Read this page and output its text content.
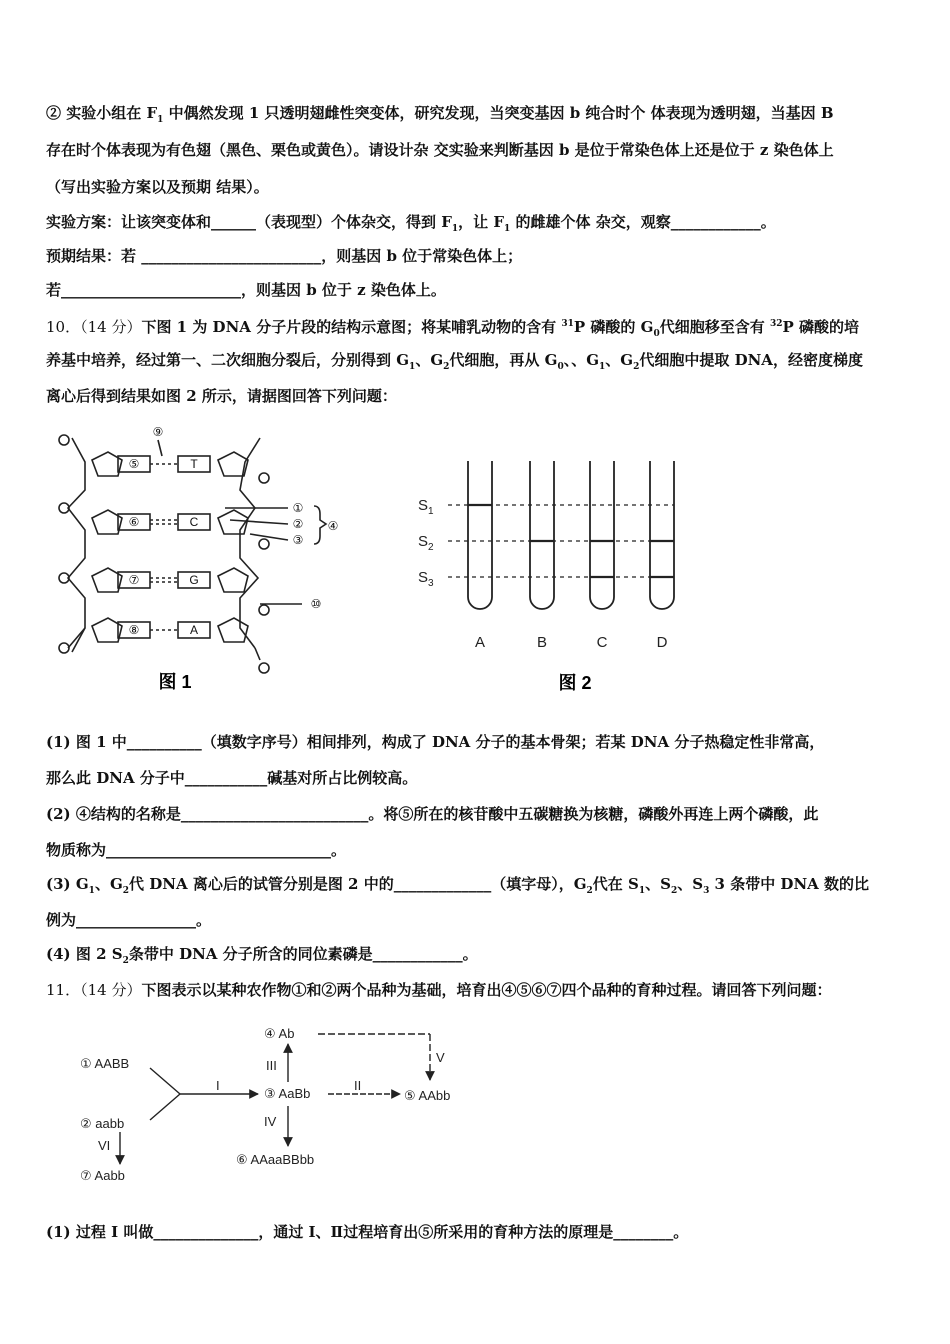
② 实验小组在 $F_1$ 中偶然发现 1 只透明翅雌性突变体，研究发现，当突变基因 b 纯合时个 体表现为透明翅，当基因 B
存在时个体表现为有色翅（黑色、栗色或黄色）。请设计杂 交实验来判断基因 b 是位于常染色体上还是位于 z 染色体上
（写出实验方案以及预期 结果）。
实验方案：让该突变体和______（表现型）个体杂交，得到 $F_1$，让 $F_1$ 的雌雄个体 杂交，观察____________。
预期结果：若 ________________________，则基因 b 位于常染色体上；
若________________________，则基因 b 位于 z 染色体上。
10．（14 分）下图 1 为 DNA 分子片段的结构示意图；将某哺乳动物的含有 $^{31}$P 磷酸的 $G_0$代细胞移至含有 $^{32}$P 磷酸的培
养基中培养，经过第一、二次细胞分裂后，分别得到 $G_1$、$G_2$代细胞，再从 $G_0$、、$G_1$、$G_2$代细胞中提取 DNA，经密度梯度
离心后得到结果如图 2 所示，请据图回答下列问题：
⑤	T
⑥	C
⑦	G
⑧	A
⑨
①
②
③
④
⑩
图 1
$S_1$
$S_2$
$S_3$
A	B	C	D
图 2
(1) 图 1 中__________（填数字序号）相间排列，构成了 DNA 分子的基本骨架；若某 DNA 分子热稳定性非常高，
那么此 DNA 分子中___________碱基对所占比例较高。
(2) ④结构的名称是_________________________。将⑤所在的核苷酸中五碳糖换为核糖，磷酸外再连上两个磷酸，此
物质称为______________________________。
(3) $G_1$、$G_2$代 DNA 离心后的试管分别是图 2 中的_____________（填字母），$G_2$代在 $S_1$、$S_2$、$S_3$ 3 条带中 DNA 数的比
例为________________。
(4) 图 2 $S_2$条带中 DNA 分子所含的同位素磷是____________。
11．（14 分）下图表示以某种农作物①和②两个品种为基础，培育出④⑤⑥⑦四个品种的育种过程。请回答下列问题：
① AABB
② aabb
③ AaBb
④ Ab
⑤ AAbb
⑥ AAaaBBbb
⑦ Aabb
I	II
III
IV
V
VI
(1) 过程 I 叫做______________，通过 I、Ⅱ过程培育出⑤所采用的育种方法的原理是________。
